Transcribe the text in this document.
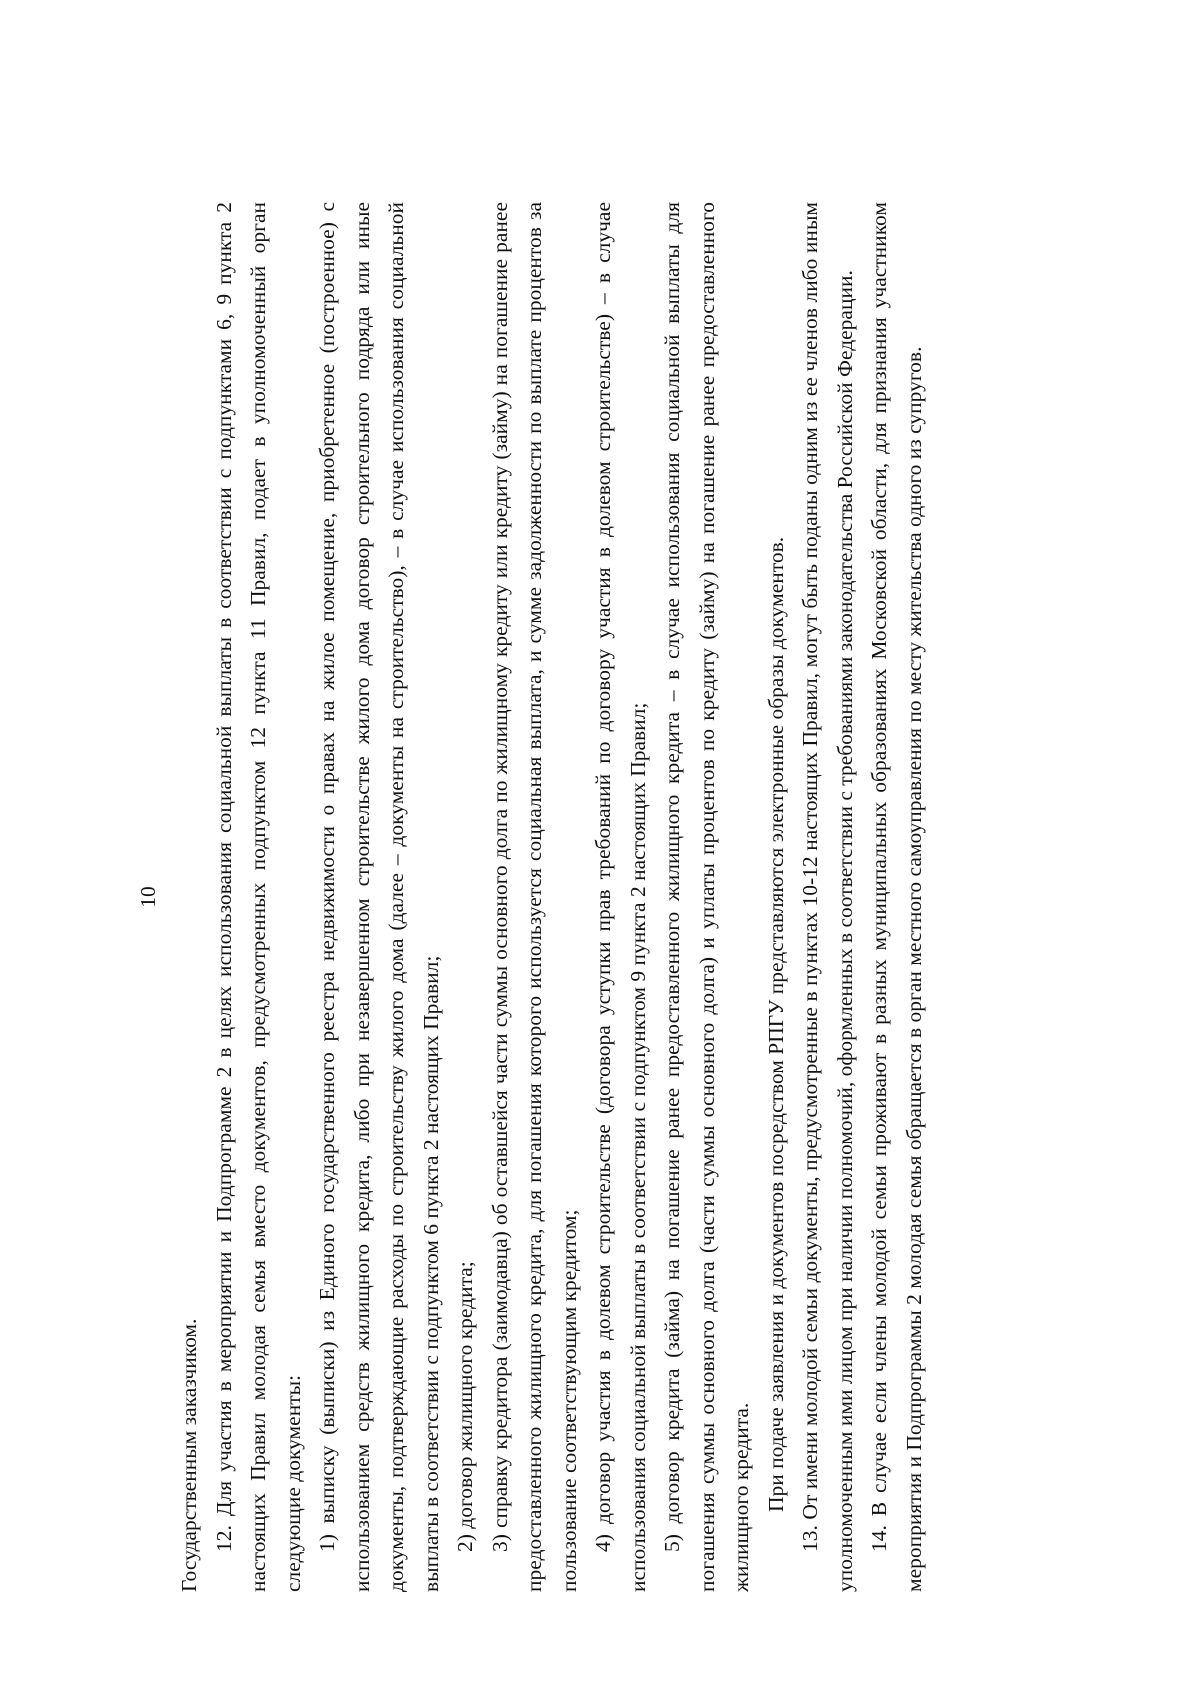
10

Государственным заказчиком. 12. Для участия в мероприятии и Подпрограмме 2 в целях использования социальной выплаты в соответствии с подпунктами 6, 9 пункта 2 настоящих Правил молодая семья вместо документов, предусмотренных подпунктом 12 пункта 11 Правил, подает в уполномоченный орган следующие документы: 1) выписку (выписки) из Единого государственного реестра недвижимости о правах на жилое помещение, приобретенное (построенное) с использованием средств жилищного кредита, либо при незавершенном строительстве жилого дома договор строительного подряда или иные документы, подтверждающие расходы по строительству жилого дома (далее – документы на строительство), – в случае использования социальной выплаты в соответствии с подпунктом 6 пункта 2 настоящих Правил; 2) договор жилищного кредита; 3) справку кредитора (заимодавца) об оставшейся части суммы основного долга по жилищному кредиту или кредиту (займу) на погашение ранее предоставленного жилищного кредита, для погашения которого используется социальная выплата, и сумме задолженности по выплате процентов за пользование соответствующим кредитом; 4) договор участия в долевом строительстве (договора уступки прав требований по договору участия в долевом строительстве) – в случае использования социальной выплаты в соответствии с подпунктом 9 пункта 2 настоящих Правил; 5) договор кредита (займа) на погашение ранее предоставленного жилищного кредита – в случае использования социальной выплаты для погашения суммы основного долга (части суммы основного долга) и уплаты процентов по кредиту (займу) на погашение ранее предоставленного жилищного кредита. При подаче заявления и документов посредством РПГУ представляются электронные образы документов. 13. От имени молодой семьи документы, предусмотренные в пунктах 10-12 настоящих Правил, могут быть поданы одним из ее членов либо иным уполномоченным ими лицом при наличии полномочий, оформленных в соответствии с требованиями законодательства Российской Федерации. 14. В случае если члены молодой семьи проживают в разных муниципальных образованиях Московской области, для признания участником мероприятия и Подпрограммы 2 молодая семья обращается в орган местного самоуправления по месту жительства одного из супругов.
